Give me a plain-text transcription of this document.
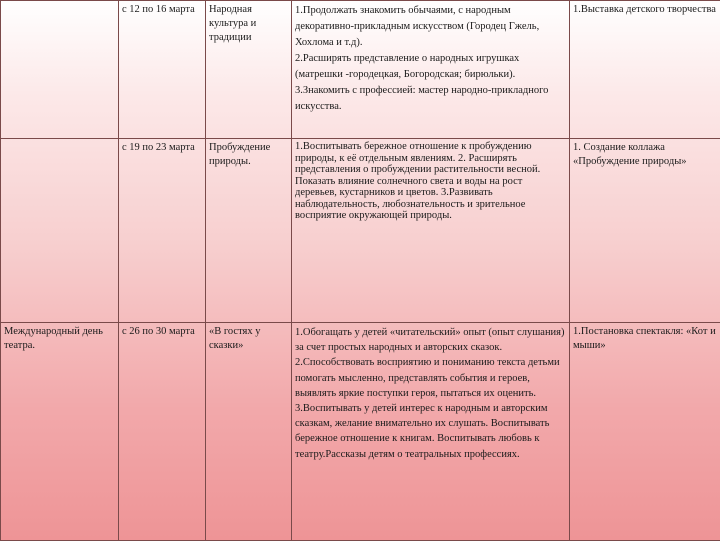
	с 12 по 16 марта	Народная культура и традиции	1.Продолжать знакомить обычаями, с народным декоративно-прикладным искусством (Городец Гжель, Хохлома и т.д).

2.Расширять представление о народных игрушках (матрешки -городецкая, Богородская; бирюльки).

3.Знакомить с профессией: мастер народно-прикладного искусства.	1.Выставка детского творчества
	с 19 по 23 марта	Пробуждение природы.	1.Воспитывать бережное отношение к пробуждению природы, к её отдельным явлениям. 2. Расширять представления о пробуждении растительности весной. Показать влияние солнечного света и воды на рост деревьев, кустарников и цветов. 3.Развивать наблюдательность, любознательность и зрительное восприятие окружающей природы.	1. Создание коллажа «Пробуждение природы»
Международный день театра.	с 26 по 30 марта	«В гостях у сказки»	1.Обогащать у детей «читательский» опыт (опыт слушания) за счет простых народных и авторских сказок. 2.Способствовать восприятию и пониманию текста детьми помогать мысленно, представлять события и героев, выявлять яркие поступки героя, пытаться их оценить.

3.Воспитывать у детей интерес к народным и авторским сказкам, желание внимательно их слушать. Воспитывать бережное отношение к книгам. Воспитывать любовь к театру.Рассказы детям о театральных профессиях.	1.Постановка спектакля: «Кот и мыши»
